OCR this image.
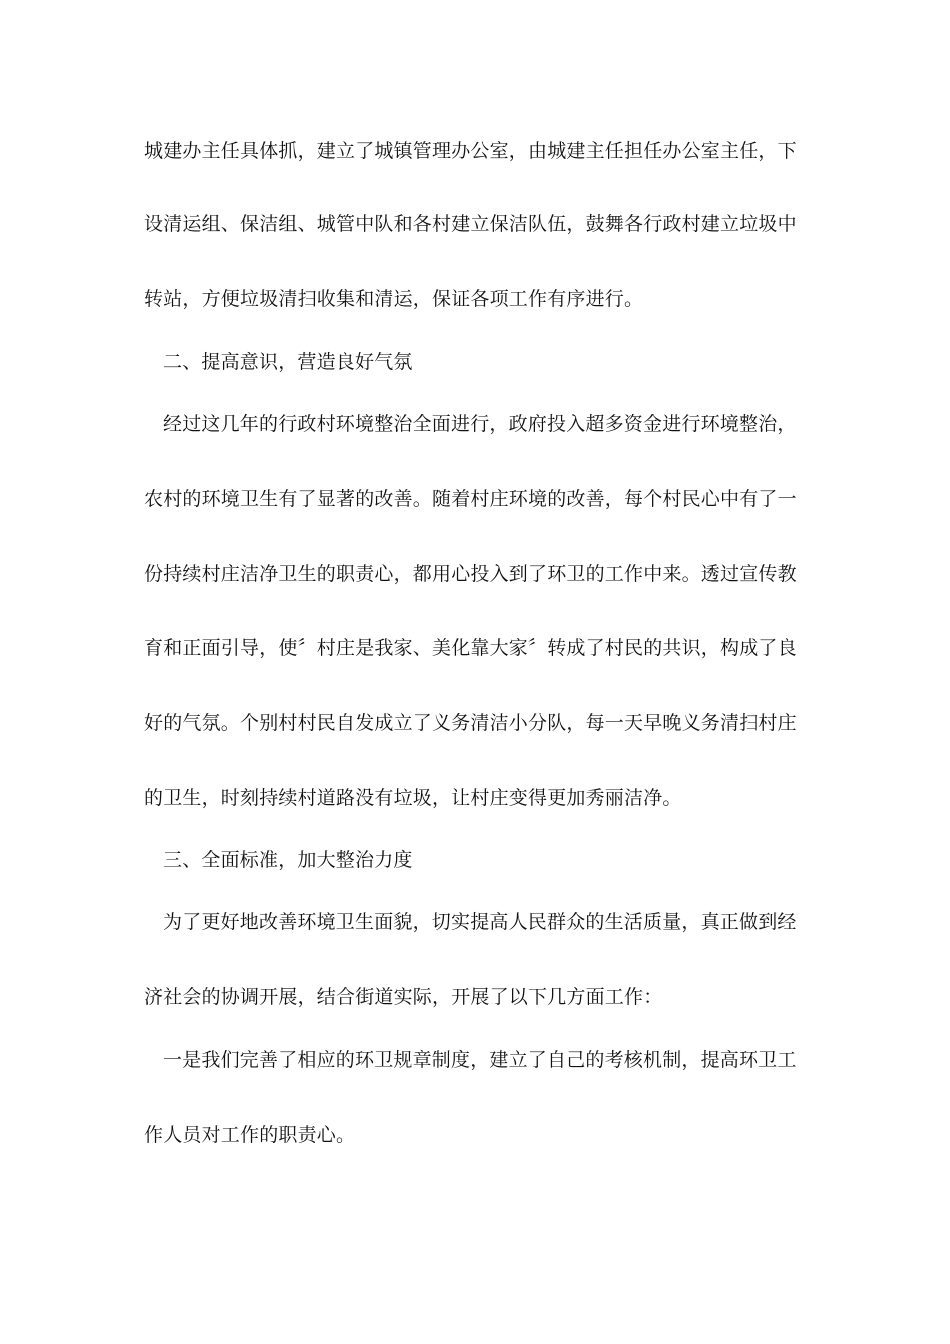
城建办主任具体抓，建立了城镇管理办公室，由城建主任担任办公室主任，下
设清运组、保洁组、城管中队和各村建立保洁队伍，鼓舞各行政村建立垃圾中
转站，方便垃圾清扫收集和清运，保证各项工作有序进行。
二、提高意识，营造良好气氛
经过这几年的行政村环境整治全面进行，政府投入超多资金进行环境整治，
农村的环境卫生有了显著的改善。随着村庄环境的改善，每个村民心中有了一
份持续村庄洁净卫生的职责心，都用心投入到了环卫的工作中来。透过宣传教
育和正面引导，使〞村庄是我家、美化靠大家〞转成了村民的共识，构成了良
好的气氛。个别村村民自发成立了义务清洁小分队，每一天早晚义务清扫村庄
的卫生，时刻持续村道路没有垃圾，让村庄变得更加秀丽洁净。
三、全面标准，加大整治力度
为了更好地改善环境卫生面貌，切实提高人民群众的生活质量，真正做到经
济社会的协调开展，结合街道实际，开展了以下几方面工作：
一是我们完善了相应的环卫规章制度，建立了自己的考核机制，提高环卫工
作人员对工作的职责心。
